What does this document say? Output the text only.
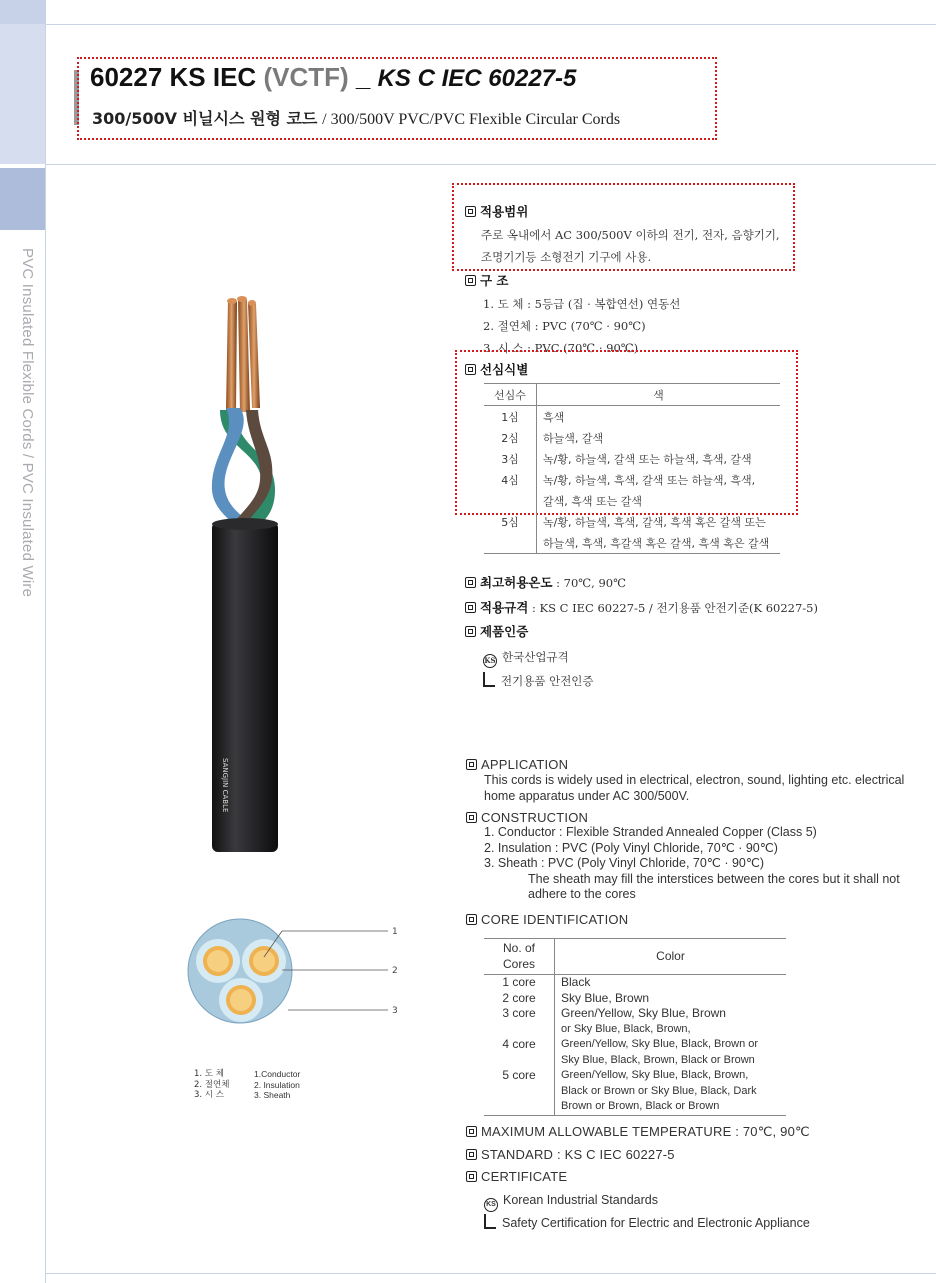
PVC Insulated Flexible Cords / PVC Insulated Wire
60227 KS IEC (VCTF) _ KS C IEC 60227-5
300/500V 비닐시스 원형 코드 / 300/500V PVC/PVC Flexible Circular Cords
SANGJIN CABLE
1
2
3
1. 도 체
2. 절연체
3. 시 스
1.Conductor
2. Insulation
3. Sheath
적용범위
주로 옥내에서 AC 300/500V 이하의 전기, 전자, 음향기기,
조명기기등 소형전기 기구에 사용.
구 조
1. 도 체 : 5등급 (집 · 복합연선) 연동선
2. 절연체 : PVC (70℃ · 90℃)
3. 시 스 : PVC (70℃ · 90℃)
선심식별
선심수	색
1심	흑색
2심	하늘색, 갈색
3심	녹/황, 하늘색, 갈색 또는 하늘색, 흑색, 갈색
4심	녹/황, 하늘색, 흑색, 갈색 또는 하늘색, 흑색,
	갈색, 흑색 또는 갈색
5심	녹/황, 하늘색, 흑색, 갈색, 흑색 혹은 갈색 또는
	하늘색, 흑색, 흑갈색 혹은 갈색, 흑색 혹은 갈색
최고허용온도 : 70℃, 90℃
적용규격 : KS C IEC 60227-5 / 전기용품 안전기준(K 60227-5)
제품인증
KS 한국산업규격
전기용품 안전인증
APPLICATION
This cords is widely used in electrical, electron, sound, lighting etc. electrical
home apparatus under AC 300/500V.
CONSTRUCTION
1. Conductor : Flexible Stranded Annealed Copper (Class 5)
2. Insulation : PVC (Poly Vinyl Chloride, 70℃ · 90℃)
3. Sheath : PVC (Poly Vinyl Chloride, 70℃ · 90℃)
The sheath may fill the interstices between the cores but it shall not
adhere to the cores
CORE IDENTIFICATION
No. of Cores	Color
1 core	Black
2 core	Sky Blue, Brown
3 core	Green/Yellow, Sky Blue, Brown
or Sky Blue, Black, Brown,

4 core	Green/Yellow, Sky Blue, Black, Brown or
Sky Blue, Black, Brown, Black or Brown

5 core	Green/Yellow, Sky Blue, Black, Brown,
Black or Brown or Sky Blue, Black, Dark
Brown or Brown, Black or Brown
MAXIMUM ALLOWABLE TEMPERATURE : 70℃, 90℃
STANDARD : KS C IEC 60227-5
CERTIFICATE
KS Korean Industrial Standards
Safety Certification for Electric and Electronic Appliance
